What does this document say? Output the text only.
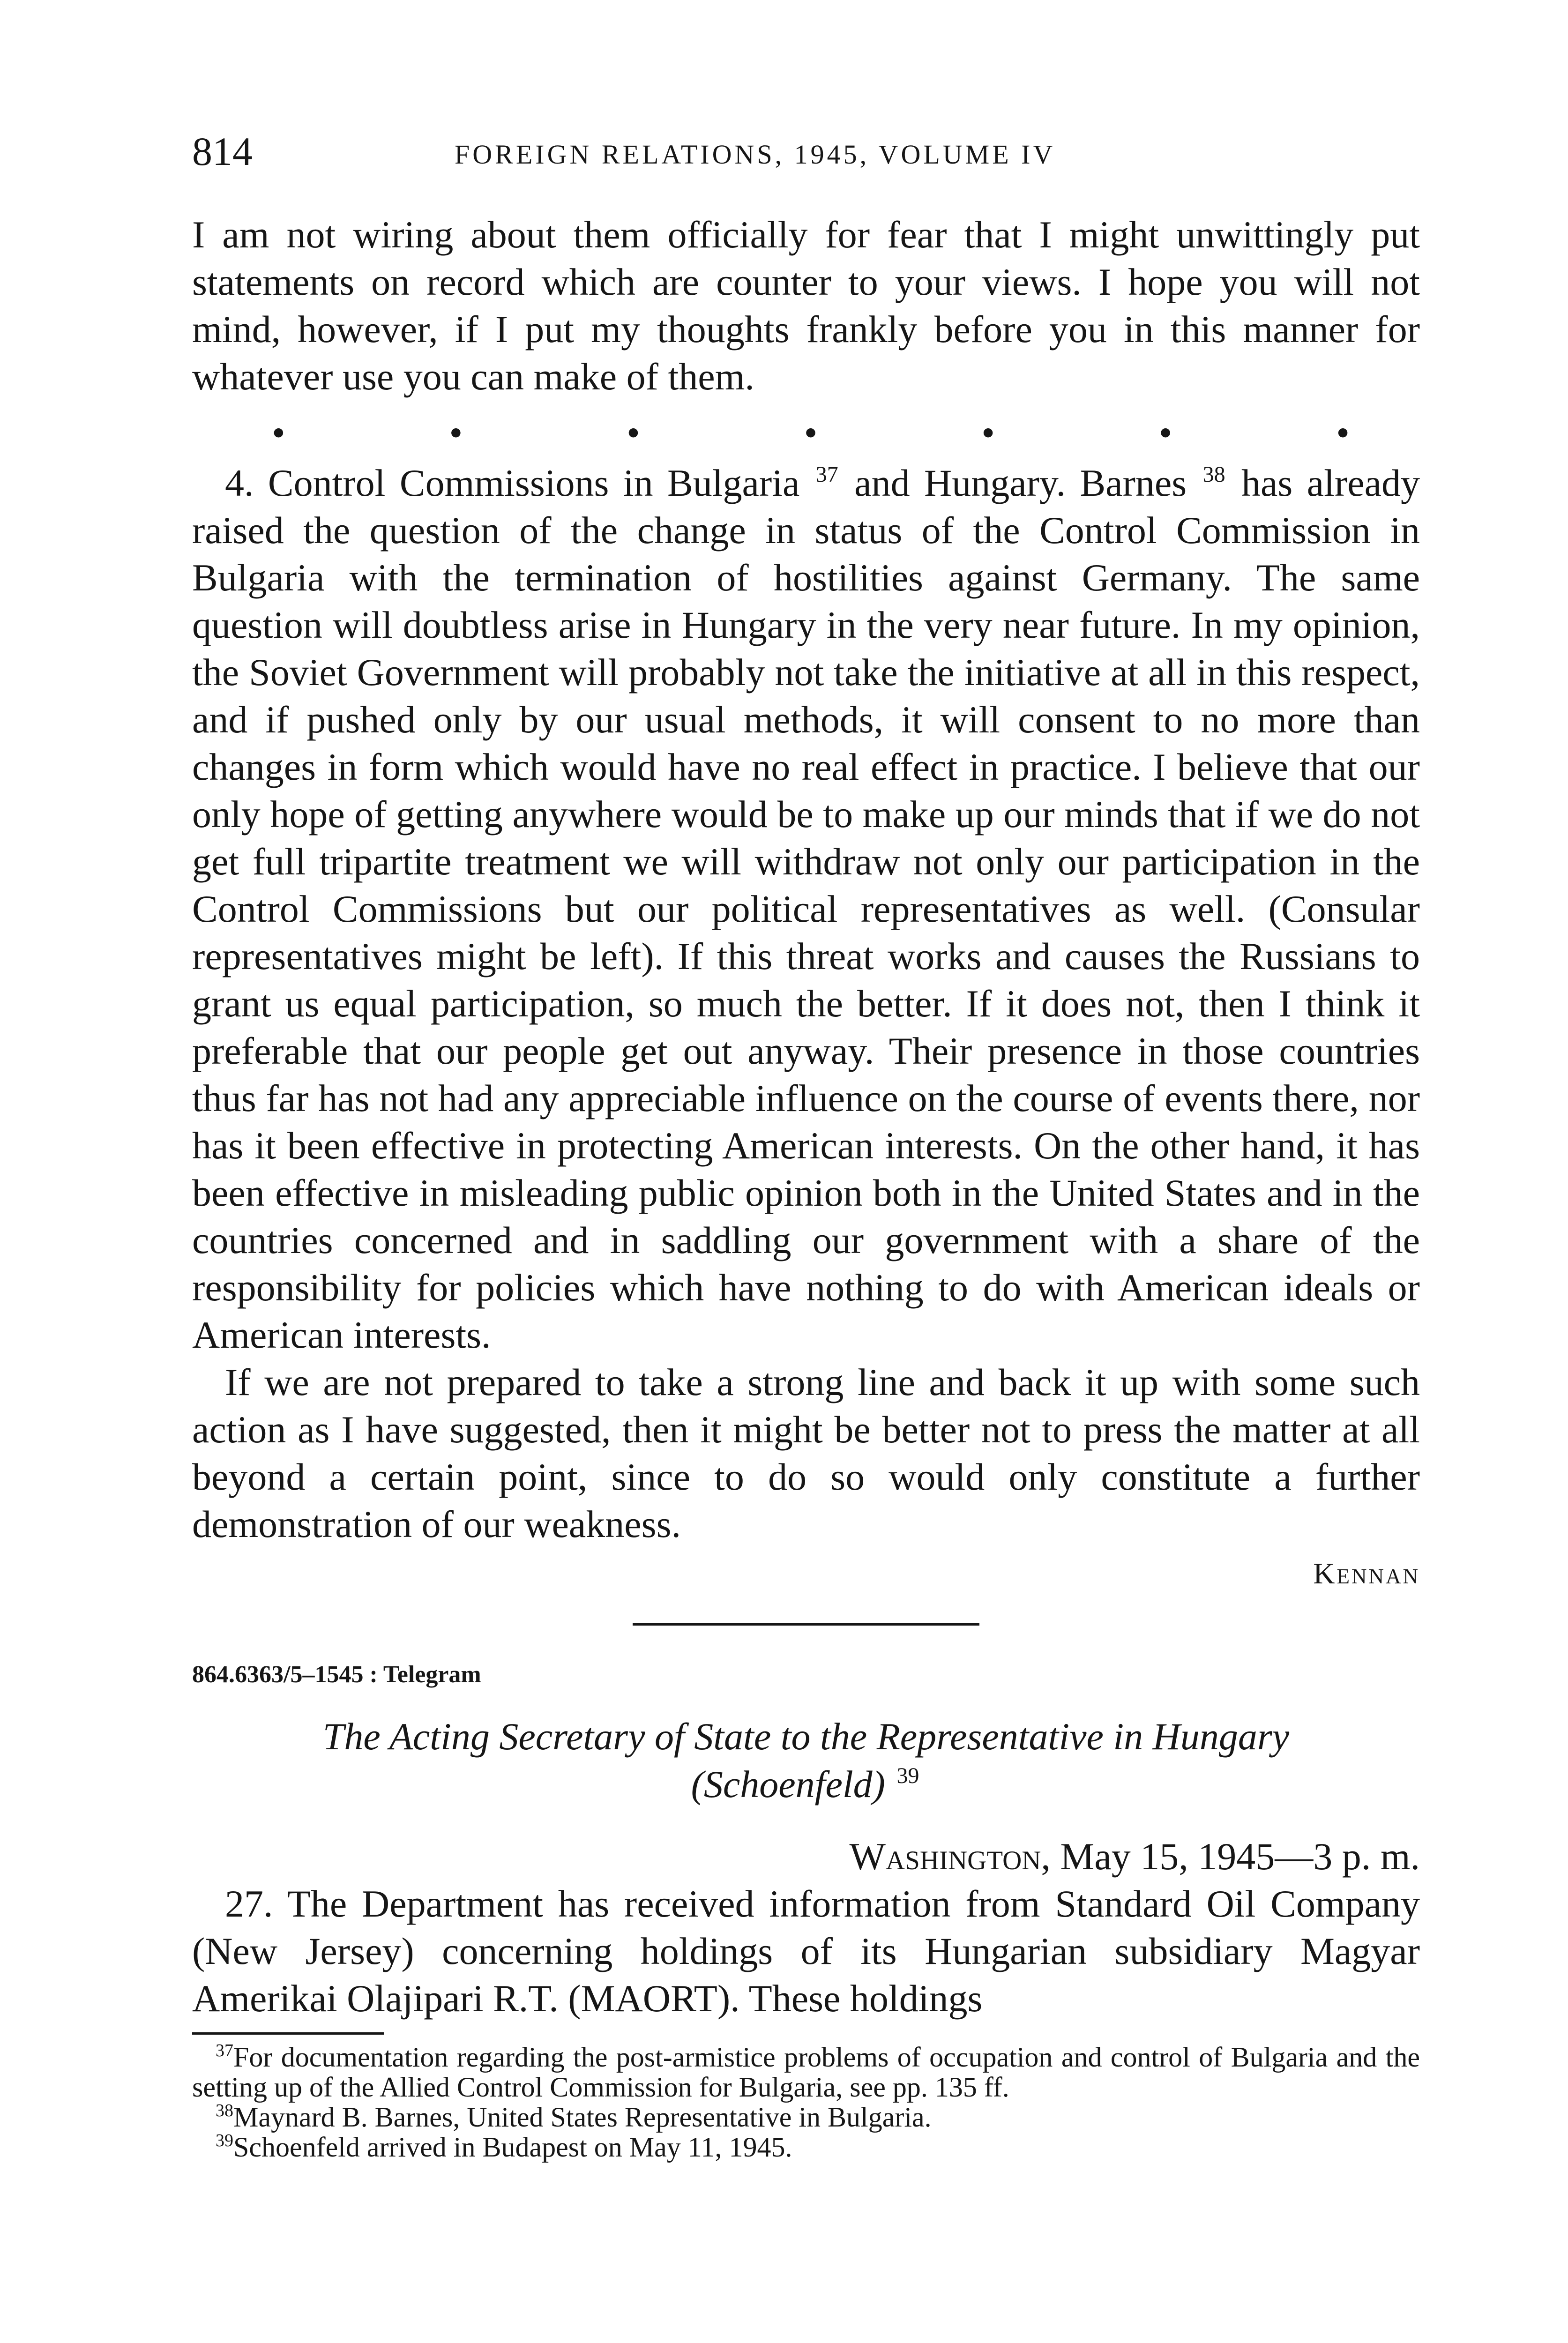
814	FOREIGN RELATIONS, 1945, VOLUME IV

I am not wiring about them officially for fear that I might unwittingly put statements on record which are counter to your views. I hope you will not mind, however, if I put my thoughts frankly before you in this manner for whatever use you can make of them.

•	•	•	•	•	•	•

4. Control Commissions in Bulgaria $^{37}$ and Hungary. Barnes $^{38}$ has already raised the question of the change in status of the Control Commission in Bulgaria with the termination of hostilities against Germany. The same question will doubtless arise in Hungary in the very near future. In my opinion, the Soviet Government will probably not take the initiative at all in this respect, and if pushed only by our usual methods, it will consent to no more than changes in form which would have no real effect in practice. I believe that our only hope of getting anywhere would be to make up our minds that if we do not get full tripartite treatment we will withdraw not only our participation in the Control Commissions but our political representatives as well. (Consular representatives might be left). If this threat works and causes the Russians to grant us equal participation, so much the better. If it does not, then I think it preferable that our people get out anyway. Their presence in those countries thus far has not had any appreciable influence on the course of events there, nor has it been effective in protecting American interests. On the other hand, it has been effective in misleading public opinion both in the United States and in the countries concerned and in saddling our government with a share of the responsibility for policies which have nothing to do with American ideals or American interests.

If we are not prepared to take a strong line and back it up with some such action as I have suggested, then it might be better not to press the matter at all beyond a certain point, since to do so would only constitute a further demonstration of our weakness.

Kennan
864.6363/5–1545 : Telegram
The Acting Secretary of State to the Representative in Hungary
(Schoenfeld) $^{39}$
Washington, May 15, 1945—3 p. m.

27. The Department has received information from Standard Oil Company (New Jersey) concerning holdings of its Hungarian subsidiary Magyar Amerikai Olajipari R.T. (MAORT). These holdings

$^{37}$For documentation regarding the post-armistice problems of occupation and control of Bulgaria and the setting up of the Allied Control Commission for Bulgaria, see pp. 135 ff.

$^{38}$Maynard B. Barnes, United States Representative in Bulgaria.

$^{39}$Schoenfeld arrived in Budapest on May 11, 1945.
